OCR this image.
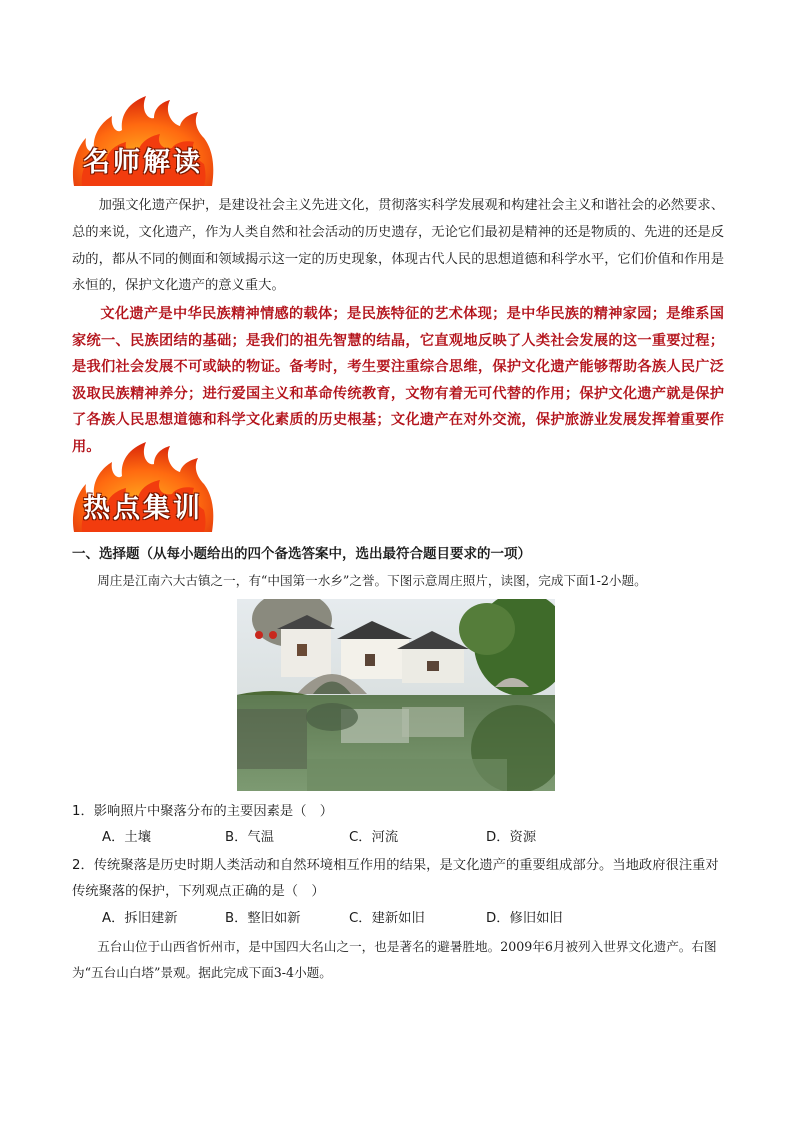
名师解读

加强文化遗产保护，是建设社会主义先进文化，贯彻落实科学发展观和构建社会主义和谐社会的必然要求、总的来说，文化遗产，作为人类自然和社会活动的历史遗存，无论它们最初是精神的还是物质的、先进的还是反动的，都从不同的侧面和领域揭示这一定的历史现象，体现古代人民的思想道德和科学水平，它们价值和作用是永恒的，保护文化遗产的意义重大。

文化遗产是中华民族精神情感的载体；是民族特征的艺术体现；是中华民族的精神家园；是维系国家统一、民族团结的基础；是我们的祖先智慧的结晶，它直观地反映了人类社会发展的这一重要过程；是我们社会发展不可或缺的物证。备考时，考生要注重综合思维，保护文化遗产能够帮助各族人民广泛汲取民族精神养分；进行爱国主义和革命传统教育，文物有着无可代替的作用；保护文化遗产就是保护了各族人民思想道德和科学文化素质的历史根基；文化遗产在对外交流，保护旅游业发展发挥着重要作用。

热点集训

一、选择题（从每小题给出的四个备选答案中，选出最符合题目要求的一项）

周庄是江南六大古镇之一，有“中国第一水乡”之誉。下图示意周庄照片，读图，完成下面1-2小题。

1．影响照片中聚落分布的主要因素是（　）

A．土壤	B．气温	C．河流	D．资源

2．传统聚落是历史时期人类活动和自然环境相互作用的结果，是文化遗产的重要组成部分。当地政府很注重对传统聚落的保护，下列观点正确的是（　）

A．拆旧建新	B．整旧如新	C．建新如旧	D．修旧如旧

五台山位于山西省忻州市，是中国四大名山之一，也是著名的避暑胜地。2009年6月被列入世界文化遗产。右图为“五台山白塔”景观。据此完成下面3-4小题。
